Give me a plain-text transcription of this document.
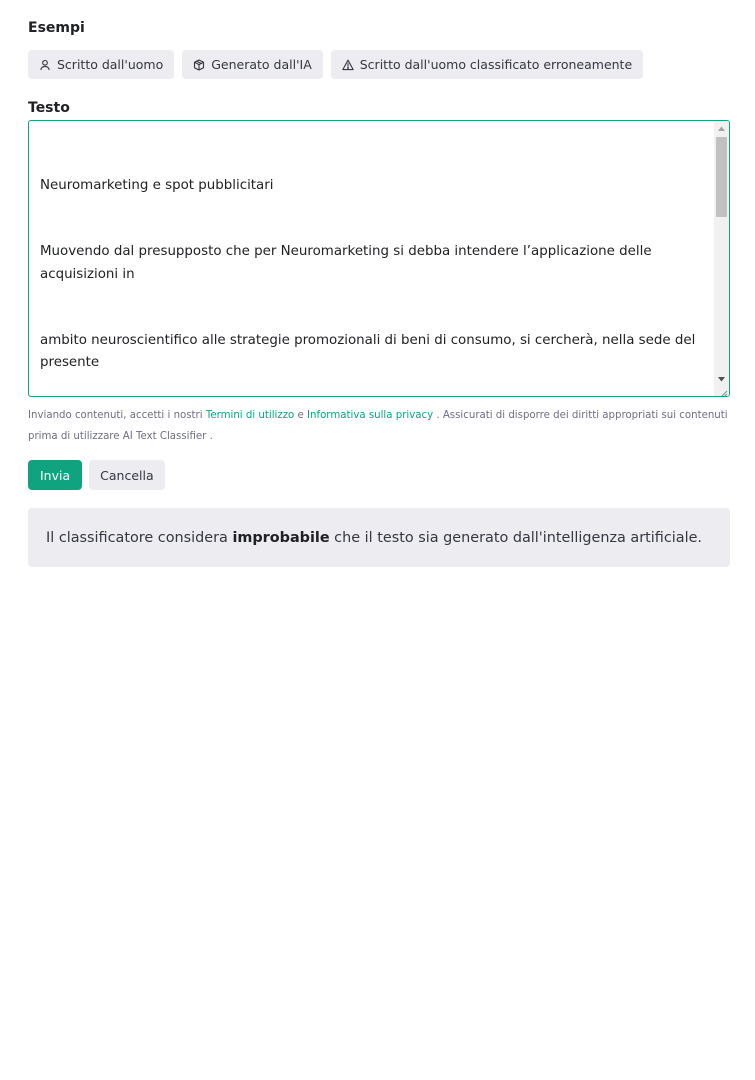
Esempi
Scritto dall'uomo	Generato dall'IA	Scritto dall'uomo classificato erroneamente
Testo

Neuromarketing e spot pubblicitari

Muovendo dal presupposto che per Neuromarketing si debba intendere l’applicazione delle acquisizioni in

ambito neuroscientifico alle strategie promozionali di beni di consumo, si cercherà, nella sede del presente

Inviando contenuti, accetti i nostri Termini di utilizzo e Informativa sulla privacy . Assicurati di disporre dei diritti appropriati sui contenuti prima di utilizzare AI Text Classifier .
Invia	Cancella
Il classificatore considera improbabile che il testo sia generato dall'intelligenza artificiale.
